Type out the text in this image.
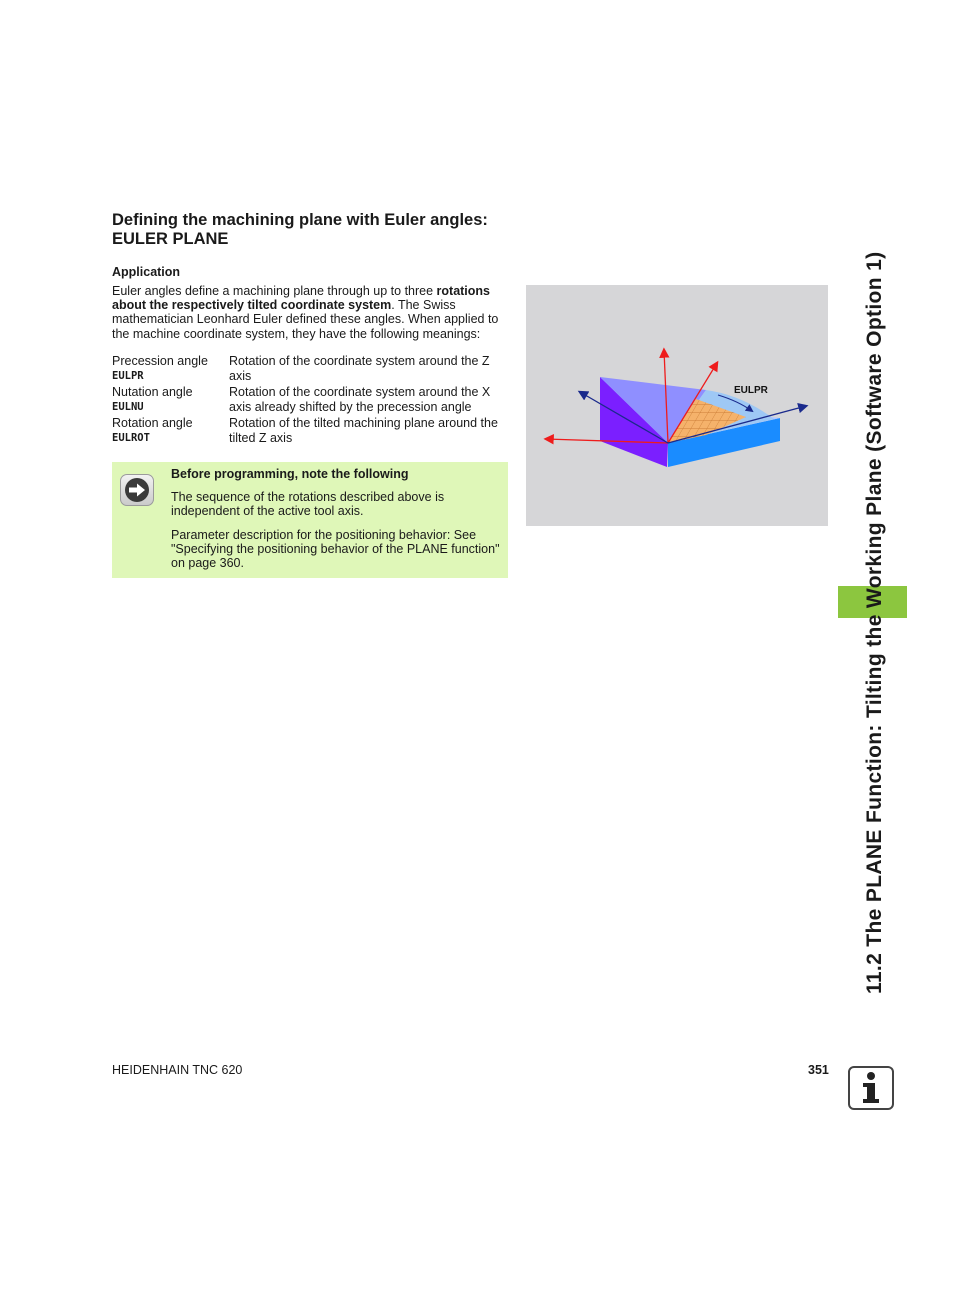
Defining the machining plane with Euler angles: EULER PLANE
Application

Euler angles define a machining plane through up to three rotations about the respectively tilted coordinate system. The Swiss mathematician Leonhard Euler defined these angles. When applied to the machine coordinate system, they have the following meanings:

Precession angle
EULPR
Rotation of the coordinate system around the Z axis
Nutation angle
EULNU
Rotation of the coordinate system around the X axis already shifted by the precession angle
Rotation angle
EULROT
Rotation of the tilted machining plane around the tilted Z axis

Before programming, note the following

The sequence of the rotations described above is independent of the active tool axis.

Parameter description for the positioning behavior: See "Specifying the positioning behavior of the PLANE function" on page 360.

EULPR	11.2 The PLANE Function: Tilting the Working Plane (Software Option 1)
HEIDENHAIN TNC 620	351
